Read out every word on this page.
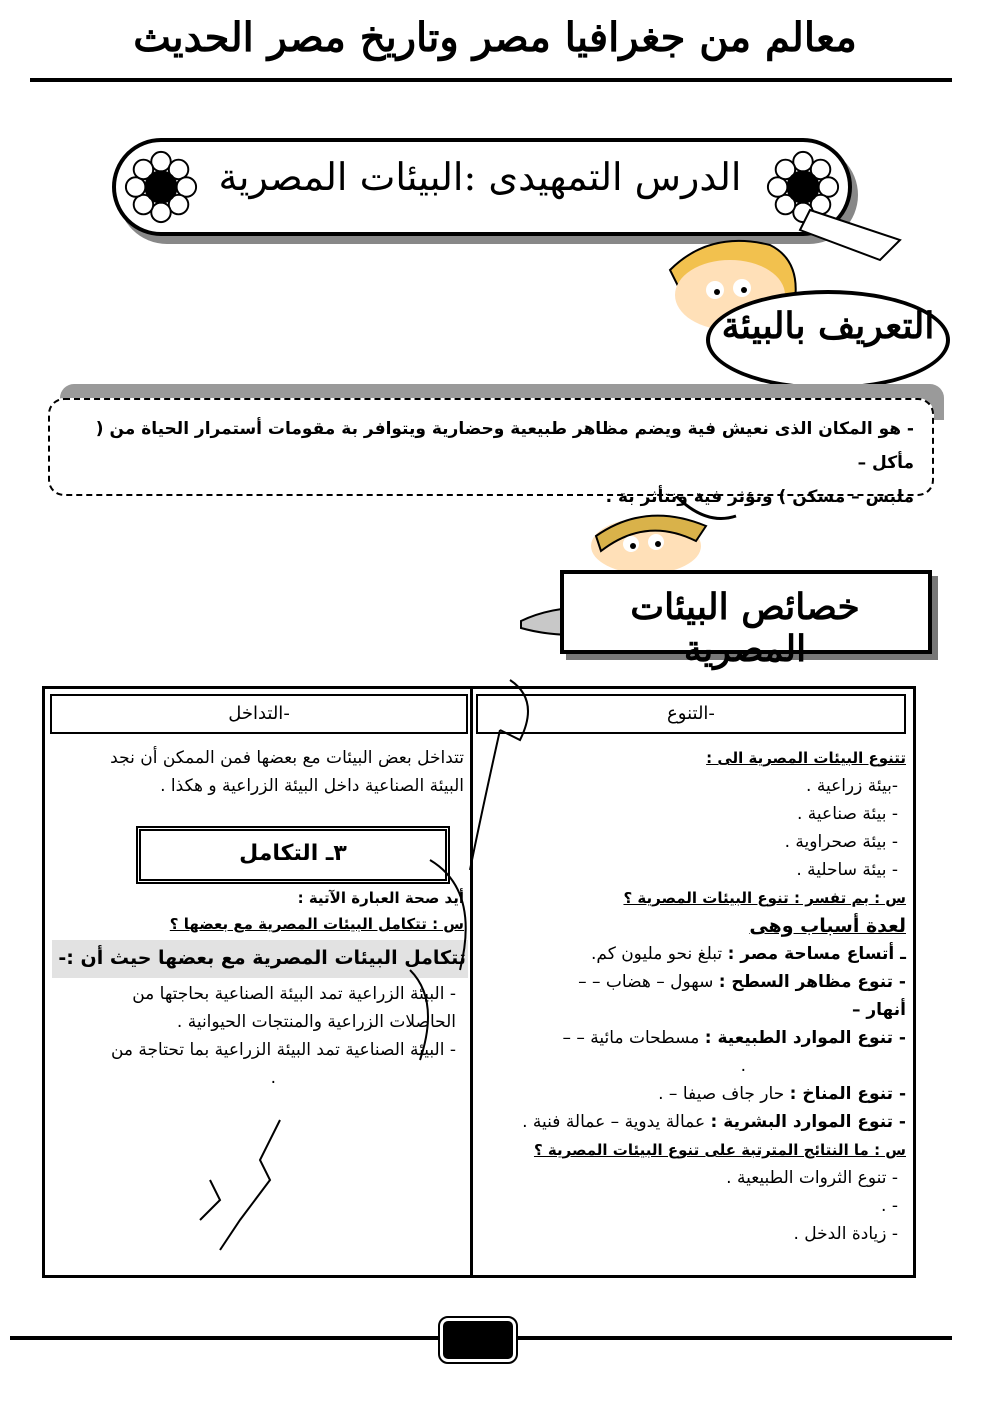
معالم من جغرافيا مصر وتاريخ مصر الحديث
الدرس التمهيدى :البيئات المصرية
التعريف بالبيئة
- هو المكان الذى نعيش فية ويضم مظاهر طبيعية وحضارية ويتوافر بة مقومات أستمرار الحياة من ( مأكل –
ملبس – مسكن ) ونؤثر فية ونتأثر بة .
خصائص البيئات المصرية
-التنوع
-التداخل
تتنوع البيئات المصرية الى :
-بيئة زراعية .
- بيئة صناعية .
- بيئة صحراوية .
- بيئة ساحلية .
س : بم تفسر : تنوع البيئات المصرية ؟
لعدة أسباب وهى
ـ أتساع مساحة مصر : تبلغ نحو مليون كم.
- تنوع مظاهر السطح : سهول – هضاب – –
أنهار –
- تنوع الموارد الطبيعية : مسطحات مائية – –
.
- تنوع المناخ : حار جاف صيفا – .
- تنوع الموارد البشرية : عمالة يدوية – عمالة فنية .
س : ما النتائج المترتبة على تنوع البيئات المصرية ؟
- تنوع الثروات الطبيعية .
- .
- زيادة الدخل .
تتداخل بعض البيئات مع بعضها فمن الممكن أن نجد
البيئة الصناعية داخل البيئة الزراعية و هكذا .
٣ـ التكامل
أيد صحة العبارة الآتية :
س : تتكامل البيئات المصرية مع بعضها ؟
تتكامل البيئات المصرية مع بعضها حيث أن :-
- البيئة الزراعية تمد البيئة الصناعية بحاجتها من
الحاصلات الزراعية والمنتجات الحيوانية .
- البيئة الصناعية تمد البيئة الزراعية بما تحتاجة من
.
